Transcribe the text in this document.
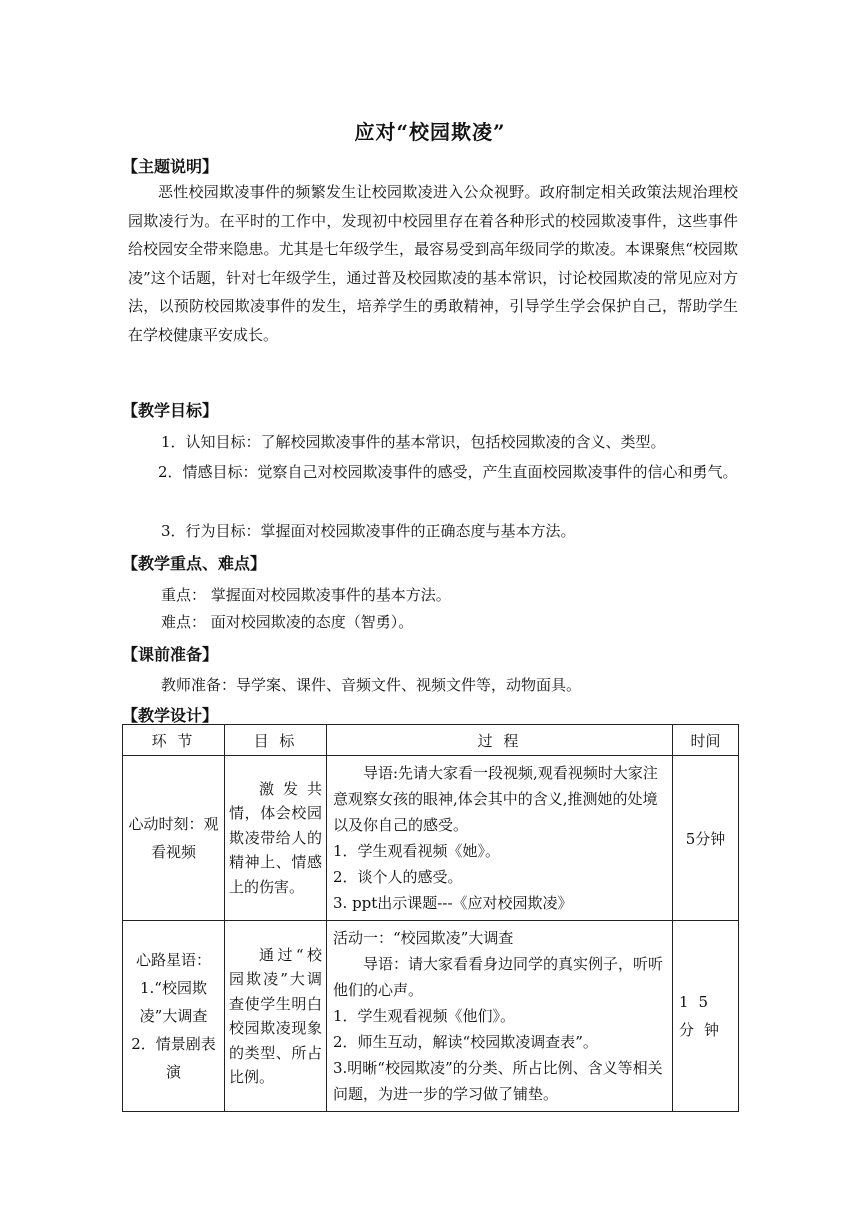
应对“校园欺凌”
【主题说明】

恶性校园欺凌事件的频繁发生让校园欺凌进入公众视野。政府制定相关政策法规治理校园欺凌行为。在平时的工作中，发现初中校园里存在着各种形式的校园欺凌事件，这些事件给校园安全带来隐患。尤其是七年级学生，最容易受到高年级同学的欺凌。本课聚焦“校园欺凌”这个话题，针对七年级学生，通过普及校园欺凌的基本常识，讨论校园欺凌的常见应对方法，以预防校园欺凌事件的发生，培养学生的勇敢精神，引导学生学会保护自己，帮助学生在学校健康平安成长。

【教学目标】
1．认知目标：了解校园欺凌事件的基本常识，包括校园欺凌的含义、类型。

2．情感目标：觉察自己对校园欺凌事件的感受，产生直面校园欺凌事件的信心和勇气。

3．行为目标：掌握面对校园欺凌事件的正确态度与基本方法。
【教学重点、难点】
重点： 掌握面对校园欺凌事件的基本方法。
难点： 面对校园欺凌的态度（智勇）。
【课前准备】
教师准备：导学案、课件、音频文件、视频文件等，动物面具。
【教学设计】
环 节	目 标	过 程	时间
心动时刻：观看视频	激发共情，体会校园欺凌带给人的精神上、情感上的伤害。	导语:先请大家看一段视频,观看视频时大家注意观察女孩的眼神,体会其中的含义,推测她的处境以及你自己的感受。

1．学生观看视频《她》。

2．谈个人的感受。

3. ppt出示课题---《应对校园欺凌》	5分钟
心路星语：1.“校园欺凌”大调查 2．情景剧表演	通过“校园欺凌”大调查使学生明白校园欺凌现象的类型、所占比例。	活动一：“校园欺凌”大调查

导语：请大家看看身边同学的真实例子，听听他们的心声。

1．学生观看视频《他们》。

2．师生互动，解读“校园欺凌调查表”。

3.明晰“校园欺凌”的分类、所占比例、含义等相关问题，为进一步的学习做了铺垫。	15分钟
